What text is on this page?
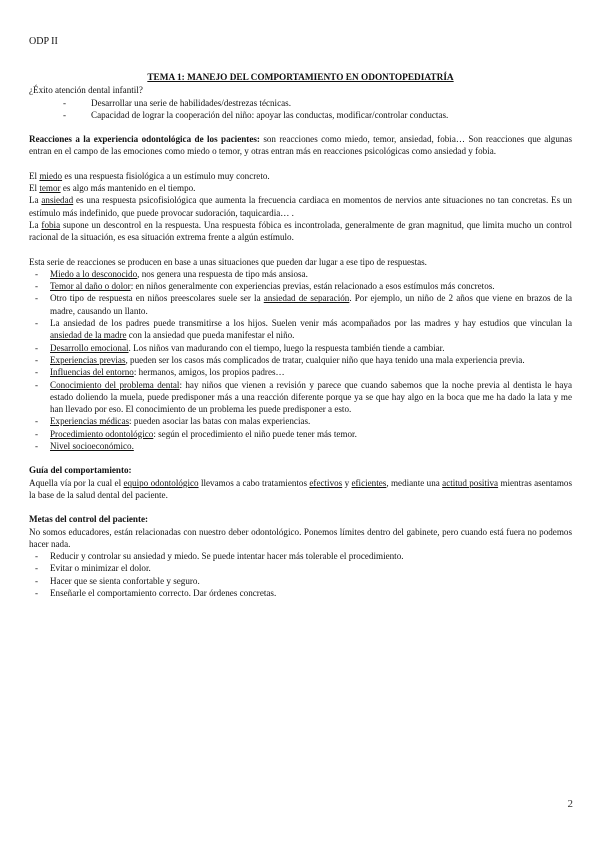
ODP II

TEMA 1: MANEJO DEL COMPORTAMIENTO EN ODONTOPEDIATRÍA

¿Éxito atención dental infantil?

- Desarrollar una serie de habilidades/destrezas técnicas.
- Capacidad de lograr la cooperación del niño: apoyar las conductas, modificar/controlar conductas.

Reacciones a la experiencia odontológica de los pacientes: son reacciones como miedo, temor, ansiedad, fobia… Son reacciones que algunas entran en el campo de las emociones como miedo o temor, y otras entran más en reacciones psicológicas como ansiedad y fobia.

El miedo es una respuesta fisiológica a un estímulo muy concreto.

El temor es algo más mantenido en el tiempo.

La ansiedad es una respuesta psicofisiológica que aumenta la frecuencia cardiaca en momentos de nervios ante situaciones no tan concretas. Es un estímulo más indefinido, que puede provocar sudoración, taquicardia… .

La fobia supone un descontrol en la respuesta. Una respuesta fóbica es incontrolada, generalmente de gran magnitud, que limita mucho un control racional de la situación, es esa situación extrema frente a algún estímulo.

Esta serie de reacciones se producen en base a unas situaciones que pueden dar lugar a ese tipo de respuestas.

- Miedo a lo desconocido, nos genera una respuesta de tipo más ansiosa.
- Temor al daño o dolor: en niños generalmente con experiencias previas, están relacionado a esos estímulos más concretos.
- Otro tipo de respuesta en niños preescolares suele ser la ansiedad de separación. Por ejemplo, un niño de 2 años que viene en brazos de la madre, causando un llanto.
- La ansiedad de los padres puede transmitirse a los hijos. Suelen venir más acompañados por las madres y hay estudios que vinculan la ansiedad de la madre con la ansiedad que pueda manifestar el niño.
- Desarrollo emocional. Los niños van madurando con el tiempo, luego la respuesta también tiende a cambiar.
- Experiencias previas, pueden ser los casos más complicados de tratar, cualquier niño que haya tenido una mala experiencia previa.
- Influencias del entorno: hermanos, amigos, los propios padres…
- Conocimiento del problema dental: hay niños que vienen a revisión y parece que cuando sabemos que la noche previa al dentista le haya estado doliendo la muela, puede predisponer más a una reacción diferente porque ya se que hay algo en la boca que me ha dado la lata y me han llevado por eso. El conocimiento de un problema les puede predisponer a esto.
- Experiencias médicas: pueden asociar las batas con malas experiencias.
- Procedimiento odontológico: según el procedimiento el niño puede tener más temor.
- Nivel socioeconómico.

Guía del comportamiento:

Aquella vía por la cual el equipo odontológico llevamos a cabo tratamientos efectivos y eficientes, mediante una actitud positiva mientras asentamos la base de la salud dental del paciente.

Metas del control del paciente:

No somos educadores, están relacionadas con nuestro deber odontológico. Ponemos límites dentro del gabinete, pero cuando está fuera no podemos hacer nada.

- Reducir y controlar su ansiedad y miedo. Se puede intentar hacer más tolerable el procedimiento.
- Evitar o minimizar el dolor.
- Hacer que se sienta confortable y seguro.
- Enseñarle el comportamiento correcto. Dar órdenes concretas.
2
